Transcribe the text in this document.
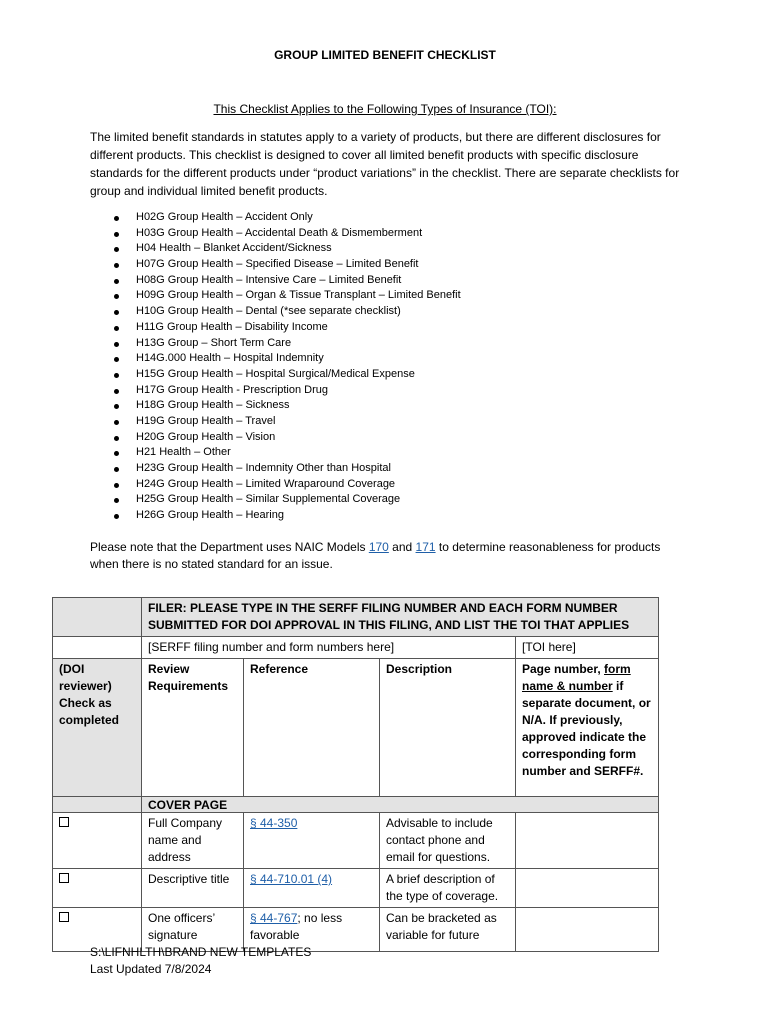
GROUP LIMITED BENEFIT CHECKLIST
This Checklist Applies to the Following Types of Insurance (TOI):
The limited benefit standards in statutes apply to a variety of products, but there are different disclosures for different products. This checklist is designed to cover all limited benefit products with specific disclosure standards for the different products under “product variations” in the checklist. There are separate checklists for group and individual limited benefit products.
H02G Group Health – Accident Only
H03G Group Health – Accidental Death & Dismemberment
H04 Health – Blanket Accident/Sickness
H07G Group Health – Specified Disease – Limited Benefit
H08G Group Health – Intensive Care – Limited Benefit
H09G Group Health – Organ & Tissue Transplant – Limited Benefit
H10G Group Health – Dental (*see separate checklist)
H11G Group Health – Disability Income
H13G Group – Short Term Care
H14G.000 Health – Hospital Indemnity
H15G Group Health – Hospital Surgical/Medical Expense
H17G Group Health - Prescription Drug
H18G Group Health – Sickness
H19G Group Health – Travel
H20G Group Health – Vision
H21 Health – Other
H23G Group Health – Indemnity Other than Hospital
H24G Group Health – Limited Wraparound Coverage
H25G Group Health – Similar Supplemental Coverage
H26G Group Health – Hearing
Please note that the Department uses NAIC Models 170 and 171 to determine reasonableness for products when there is no stated standard for an issue.
	FILER: PLEASE TYPE IN THE SERFF FILING NUMBER AND EACH FORM NUMBER SUBMITTED FOR DOI APPROVAL IN THIS FILING, AND LIST THE TOI THAT APPLIES			
	[SERFF filing number and form numbers here]			[TOI here]
(DOI reviewer) Check as completed	Review Requirements	Reference	Description	Page number, form name & number if separate document, or N/A. If previously, approved indicate the corresponding form number and SERFF#.
	COVER PAGE			
	Full Company name and address	§ 44-350	Advisable to include contact phone and email for questions.	
	Descriptive title	§ 44-710.01 (4)	A brief description of the type of coverage.	
	One officers’ signature	§ 44-767; no less favorable	Can be bracketed as variable for future	
S:\LIFNHLTH\BRAND NEW TEMPLATES
Last Updated 7/8/2024
